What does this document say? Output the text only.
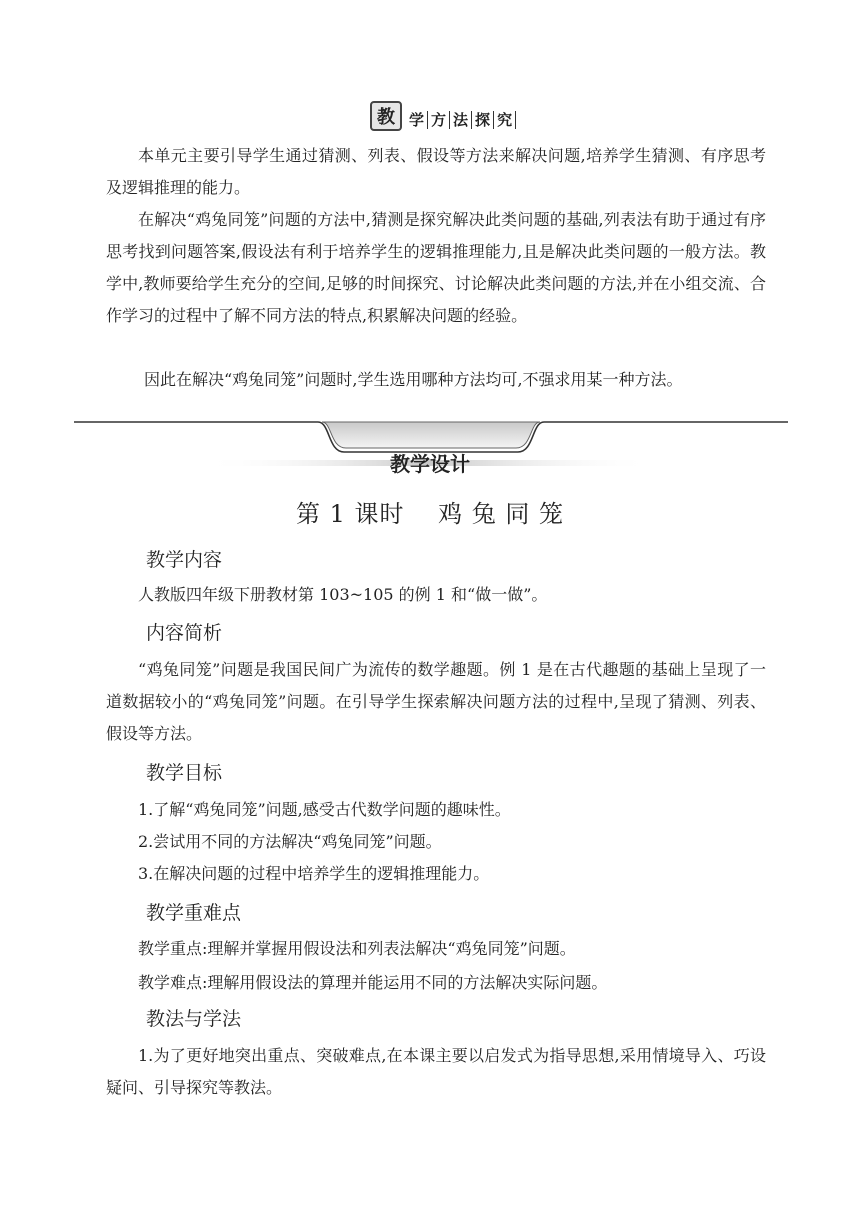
教 学 方 法 探 究

本单元主要引导学生通过猜测、列表、假设等方法来解决问题,培养学生猜测、有序思考及逻辑推理的能力。

在解决“鸡兔同笼”问题的方法中,猜测是探究解决此类问题的基础,列表法有助于通过有序思考找到问题答案,假设法有利于培养学生的逻辑推理能力,且是解决此类问题的一般方法。教学中,教师要给学生充分的空间,足够的时间探究、讨论解决此类问题的方法,并在小组交流、合作学习的过程中了解不同方法的特点,积累解决问题的经验。

因此在解决“鸡兔同笼”问题时,学生选用哪种方法均可,不强求用某一种方法。

教学设计
第 1 课时　 鸡 兔 同 笼
教学内容
人教版四年级下册教材第 103~105 的例 1 和“做一做”。
内容简析

“鸡兔同笼”问题是我国民间广为流传的数学趣题。例 1 是在古代趣题的基础上呈现了一道数据较小的“鸡兔同笼”问题。在引导学生探索解决问题方法的过程中,呈现了猜测、列表、假设等方法。

教学目标
1.了解“鸡兔同笼”问题,感受古代数学问题的趣味性。
2.尝试用不同的方法解决“鸡兔同笼”问题。
3.在解决问题的过程中培养学生的逻辑推理能力。
教学重难点
教学重点:理解并掌握用假设法和列表法解决“鸡兔同笼”问题。
教学难点:理解用假设法的算理并能运用不同的方法解决实际问题。
教法与学法

1.为了更好地突出重点、突破难点,在本课主要以启发式为指导思想,采用情境导入、巧设疑问、引导探究等教法。
